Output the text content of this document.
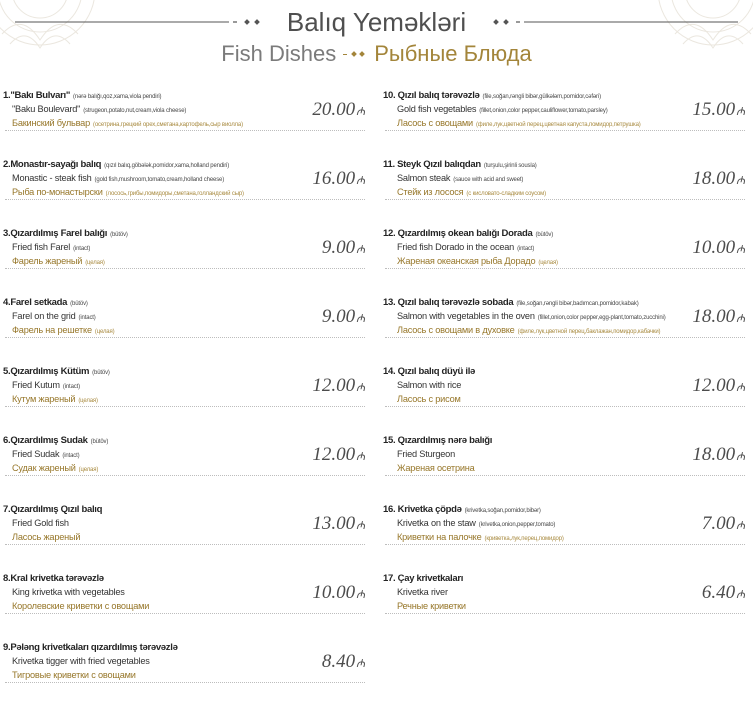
Balıq Yeməkləri
Fish Dishes Рыбные Блюда
1."Bakı Bulvarı" (nərə balığı,qoz,xama,viola pendiri)
"Baku Boulevard" (strugeon,potato,nut,cream,viola cheese)
Бакинский бульвар (осетрина,грецкий орех,сметана,картофель,сыр виолла)
20.00₼
2.Monastır-sayağı balıq (qızıl balıq,göbələk,pomidor,xama,holland pendiri)
Monastic - steak fish (gold fish,mushroom,tomato,cream,holland cheese)
Рыба по-монастырски (лосось,грибы,помидоры,сметана,голландский сыр)
16.00₼
3.Qızardılmış Farel balığı (bütöv)
Fried fish Farel (intact)
Фарель жареный (целая)
9.00₼
4.Farel setkada (bütöv)
Farel on the grid (intact)
Фарель на решетке (целая)
9.00₼
5.Qızardılmış Kütüm (bütöv)
Fried Kutum (intact)
Кутум жареный (целая)
12.00₼
6.Qızardılmış Sudak (bütöv)
Fried Sudak (intact)
Судак жареный (целая)
12.00₼
7.Qızardılmış Qızıl balıq
Fried Gold fish
Ласось жареный
13.00₼
8.Kral krivetka tərəvəzlə
King krivetka with vegetables
Королевские криветки с овощами
10.00₼
9.Pələng krivetkaları qızardılmış tərəvəzlə
Krivetka tigger with fried vegetables
Тигровые криветки с овощами
8.40₼
10. Qızıl balıq tərəvəzlə (file,soğan,rəngli bibər,gülkələm,pomidor,cəfəri)
Gold fish vegetables (fillet,onion,color pepper,cauliflower,tomato,parsley)
Ласось с овощами (филе,лук,цветной перец,цветная капуста,помидор,петрушка)
15.00₼
11. Steyk Qızıl balıqdan (turşulu,şirinli sousla)
Salmon steak (sauce with acid and sweet)
Стейк из лосося (с кисловато-сладким соусом)
18.00₼
12. Qızardılmış okean balığı Dorada (bütöv)
Fried fish Dorado in the ocean (intact)
Жареная океанская рыба Дорадо (целая)
10.00₼
13. Qızıl balıq tərəvəzlə sobada (file,soğan,rəngli bibər,badımcan,pomidor,kabak)
Salmon with vegetables in the oven (fillet,onion,color pepper,egg-plant,tomato,zucchini)
Ласось с овощами в духовке (филе,лук,цветной перец,баклажан,помидор,кабачки)
18.00₼
14. Qızıl balıq düyü ilə
Salmon with rice
Ласось с рисом
12.00₼
15. Qızardılmış nərə balığı
Fried Sturgeon
Жареная осетрина
18.00₼
16. Krivetka çöpdə (krivetka,soğan,pomidor,bibər)
Krivetka on the staw (krivetka,onion,pepper,tomato)
Криветки на палочке (криветка,лук,перец,помидор)
7.00₼
17. Çay krivetkaları
Krivetka river
Речные криветки
6.40₼
